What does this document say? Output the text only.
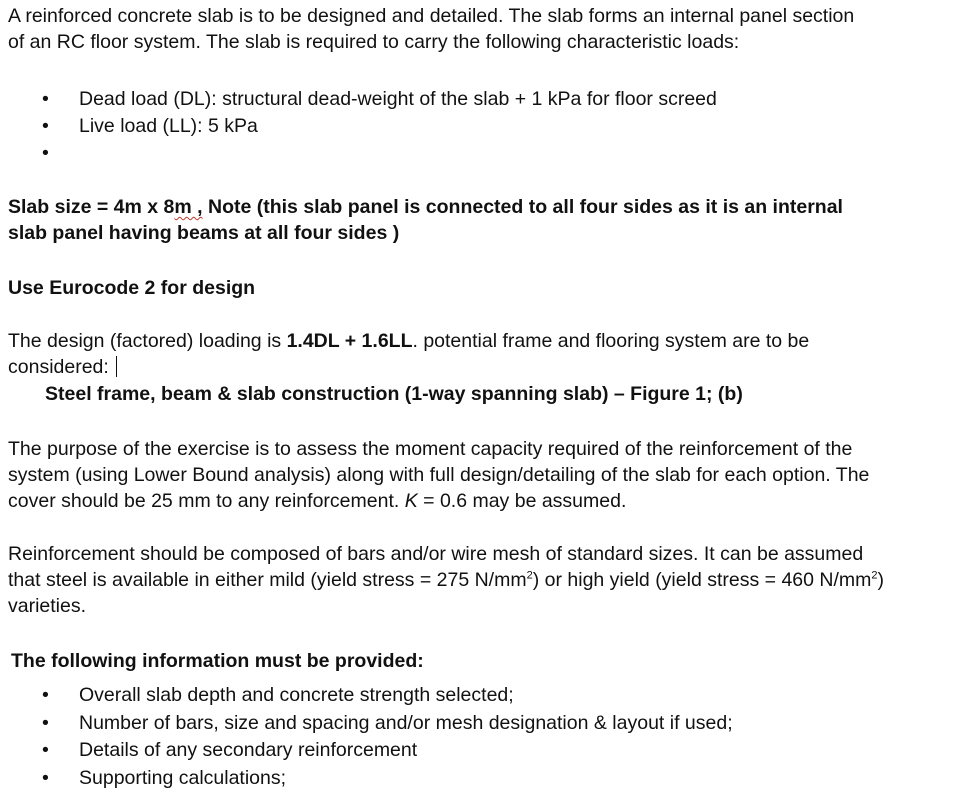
A reinforced concrete slab is to be designed and detailed. The slab forms an internal panel section
of an RC floor system. The slab is required to carry the following characteristic loads:

• Dead load (DL): structural dead-weight of the slab + 1 kPa for floor screed
• Live load (LL): 5 kPa
•

Slab size = 4m x 8m , Note (this slab panel is connected to all four sides as it is an internal
slab panel having beams at all four sides )

Use Eurocode 2 for design

The design (factored) loading is 1.4DL + 1.6LL. potential frame and flooring system are to be
considered:

Steel frame, beam & slab construction (1-way spanning slab) – Figure 1; (b)

The purpose of the exercise is to assess the moment capacity required of the reinforcement of the
system (using Lower Bound analysis) along with full design/detailing of the slab for each option. The
cover should be 25 mm to any reinforcement. K = 0.6 may be assumed.

Reinforcement should be composed of bars and/or wire mesh of standard sizes. It can be assumed
that steel is available in either mild (yield stress = 275 $N/mm^2$) or high yield (yield stress = 460 $N/mm^2$)
varieties.

The following information must be provided:

• Overall slab depth and concrete strength selected;
• Number of bars, size and spacing and/or mesh designation & layout if used;
• Details of any secondary reinforcement
• Supporting calculations;
